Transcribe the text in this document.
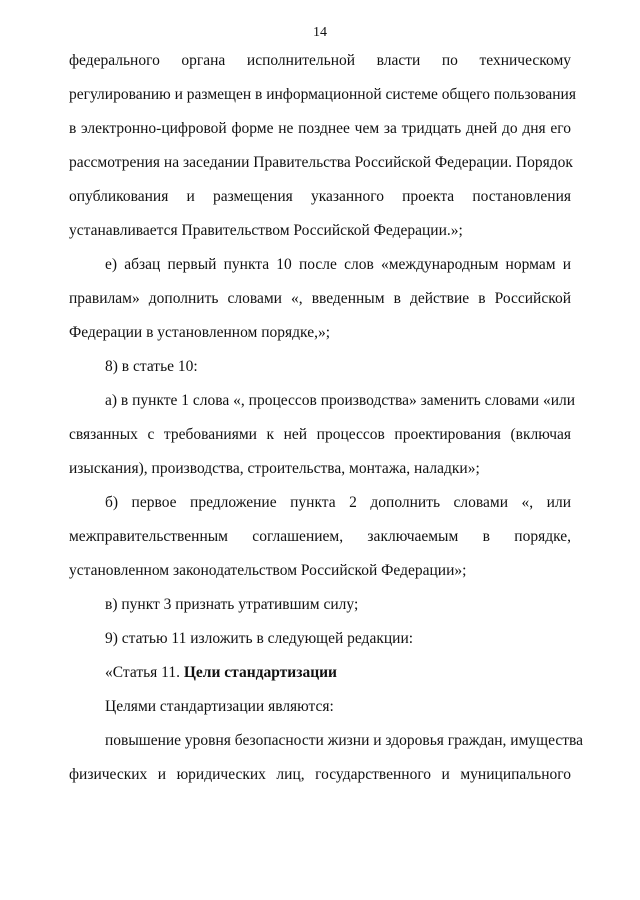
14
федерального органа исполнительной власти по техническому
регулированию и размещен в информационной системе общего пользования
в электронно-цифровой форме не позднее чем за тридцать дней до дня его
рассмотрения на заседании Правительства Российской Федерации. Порядок
опубликования и размещения указанного проекта постановления
устанавливается Правительством Российской Федерации.»;
е) абзац первый пункта 10 после слов «международным нормам и
правилам» дополнить словами «, введенным в действие в Российской
Федерации в установленном порядке,»;
8) в статье 10:
а) в пункте 1 слова «, процессов производства» заменить словами «или
связанных с требованиями к ней процессов проектирования (включая
изыскания), производства, строительства, монтажа, наладки»;
б) первое предложение пункта 2 дополнить словами «, или
межправительственным соглашением, заключаемым в порядке,
установленном законодательством Российской Федерации»;
в) пункт 3 признать утратившим силу;
9) статью 11 изложить в следующей редакции:
«Статья 11. Цели стандартизации
Целями стандартизации являются:
повышение уровня безопасности жизни и здоровья граждан, имущества
физических и юридических лиц, государственного и муниципального
